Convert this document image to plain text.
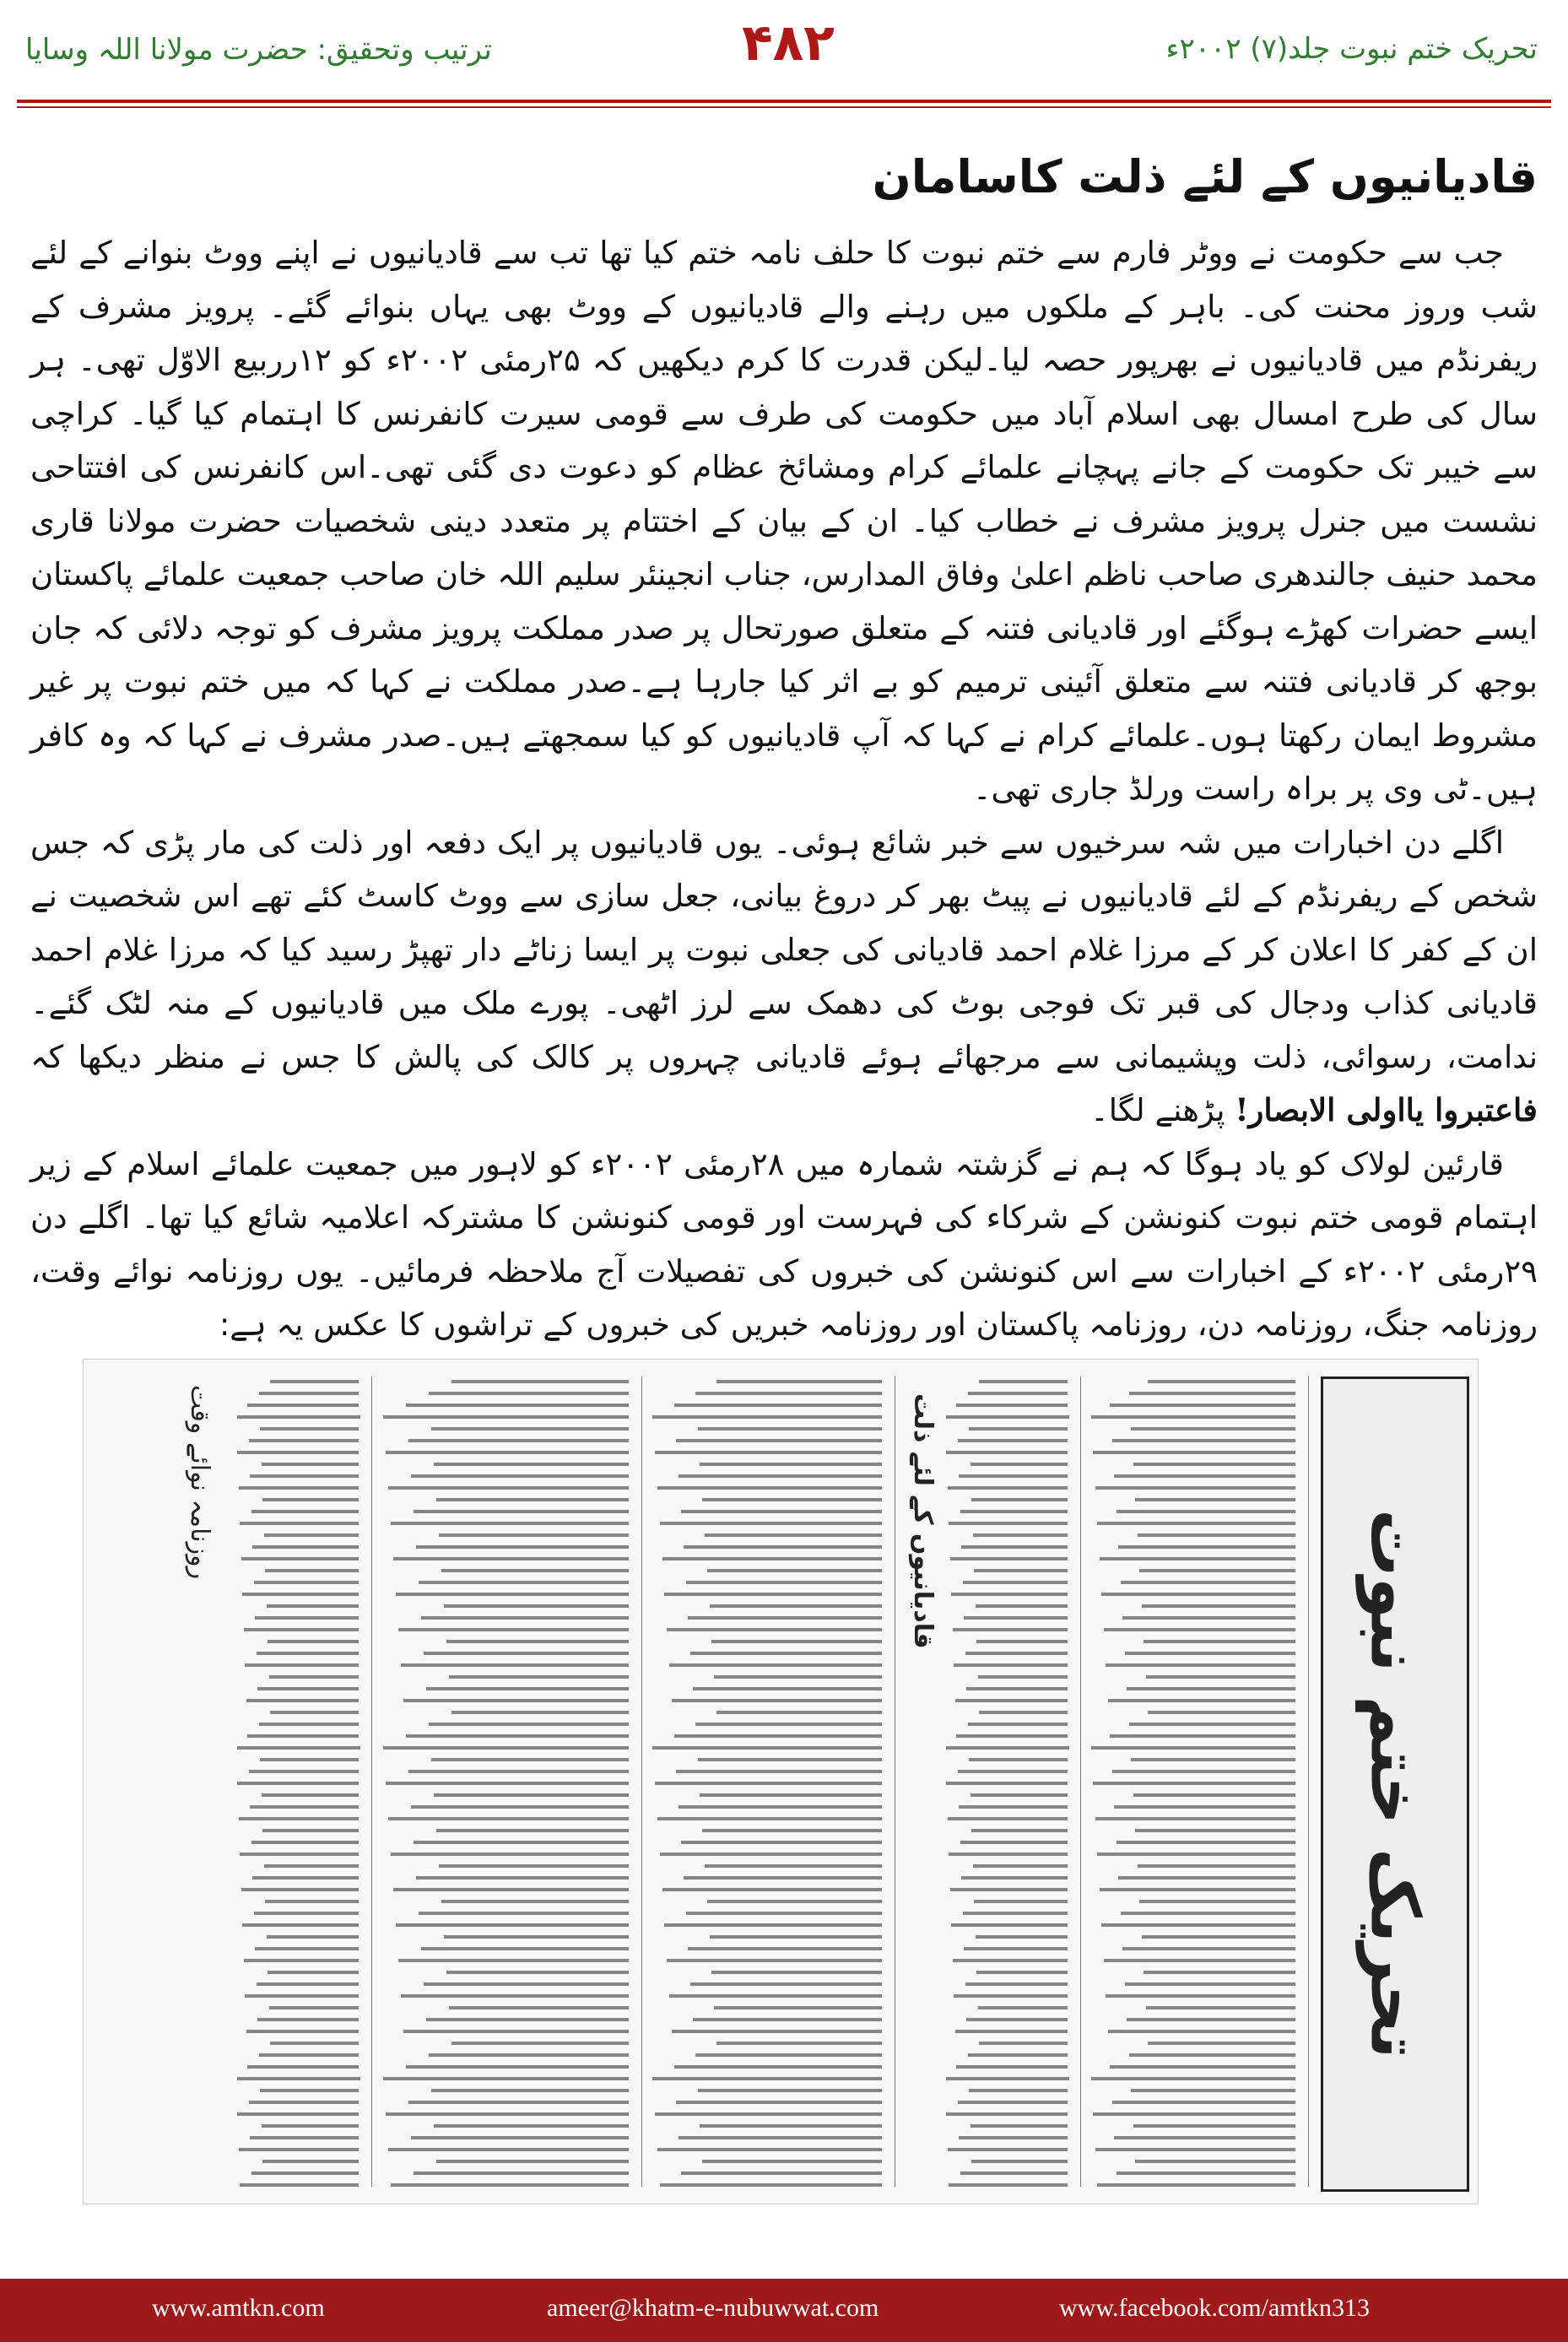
ترتیب وتحقیق: حضرت مولانا اللہ وسایا	۴۸۲	تحریک ختم نبوت جلد(۷) ۲۰۰۲ء
قادیانیوں کے لئے ذلت کاسامان

جب سے حکومت نے ووٹر فارم سے ختم نبوت کا حلف نامہ ختم کیا تھا تب سے قادیانیوں نے اپنے ووٹ بنوانے کے لئے شب وروز محنت کی۔ باہر کے ملکوں میں رہنے والے قادیانیوں کے ووٹ بھی یہاں بنوائے گئے۔ پرویز مشرف کے ریفرنڈم میں قادیانیوں نے بھرپور حصہ لیا۔لیکن قدرت کا کرم دیکھیں کہ ۲۵رمئی ۲۰۰۲ء کو ۱۲رربیع الاوّل تھی۔ ہر سال کی طرح امسال بھی اسلام آباد میں حکومت کی طرف سے قومی سیرت کانفرنس کا اہتمام کیا گیا۔ کراچی سے خیبر تک حکومت کے جانے پہچانے علمائے کرام ومشائخ عظام کو دعوت دی گئی تھی۔اس کانفرنس کی افتتاحی نشست میں جنرل پرویز مشرف نے خطاب کیا۔ ان کے بیان کے اختتام پر متعدد دینی شخصیات حضرت مولانا قاری محمد حنیف جالندھری صاحب ناظم اعلیٰ وفاق المدارس، جناب انجینئر سلیم اللہ خان صاحب جمعیت علمائے پاکستان ایسے حضرات کھڑے ہوگئے اور قادیانی فتنہ کے متعلق صورتحال پر صدر مملکت پرویز مشرف کو توجہ دلائی کہ جان بوجھ کر قادیانی فتنہ سے متعلق آئینی ترمیم کو بے اثر کیا جارہا ہے۔صدر مملکت نے کہا کہ میں ختم نبوت پر غیر مشروط ایمان رکھتا ہوں۔علمائے کرام نے کہا کہ آپ قادیانیوں کو کیا سمجھتے ہیں۔صدر مشرف نے کہا کہ وہ کافر ہیں۔ٹی وی پر براہ راست ورلڈ جاری تھی۔

اگلے دن اخبارات میں شہ سرخیوں سے خبر شائع ہوئی۔ یوں قادیانیوں پر ایک دفعہ اور ذلت کی مار پڑی کہ جس شخص کے ریفرنڈم کے لئے قادیانیوں نے پیٹ بھر کر دروغ بیانی، جعل سازی سے ووٹ کاسٹ کئے تھے اس شخصیت نے ان کے کفر کا اعلان کر کے مرزا غلام احمد قادیانی کی جعلی نبوت پر ایسا زناٹے دار تھپڑ رسید کیا کہ مرزا غلام احمد قادیانی کذاب ودجال کی قبر تک فوجی بوٹ کی دھمک سے لرز اٹھی۔ پورے ملک میں قادیانیوں کے منہ لٹک گئے۔ ندامت، رسوائی، ذلت وپشیمانی سے مرجھائے ہوئے قادیانی چہروں پر کالک کی پالش کا جس نے منظر دیکھا کہ فاعتبروا یااولی الابصار! پڑھنے لگا۔

قارئین لولاک کو یاد ہوگا کہ ہم نے گزشتہ شمارہ میں ۲۸رمئی ۲۰۰۲ء کو لاہور میں جمعیت علمائے اسلام کے زیر اہتمام قومی ختم نبوت کنونشن کے شرکاء کی فہرست اور قومی کنونشن کا مشترکہ اعلامیہ شائع کیا تھا۔ اگلے دن ۲۹رمئی ۲۰۰۲ء کے اخبارات سے اس کنونشن کی خبروں کی تفصیلات آج ملاحظہ فرمائیں۔ یوں روزنامہ نوائے وقت، روزنامہ جنگ، روزنامہ دن، روزنامہ پاکستان اور روزنامہ خبریں کی خبروں کے تراشوں کا عکس یہ ہے:

تحریک ختم نبوت
قادیانیوں کے لئے ذلت
روزنامہ نوائے وقت
www.amtkn.com	ameer@khatm-e-nubuwwat.com	www.facebook.com/amtkn313
